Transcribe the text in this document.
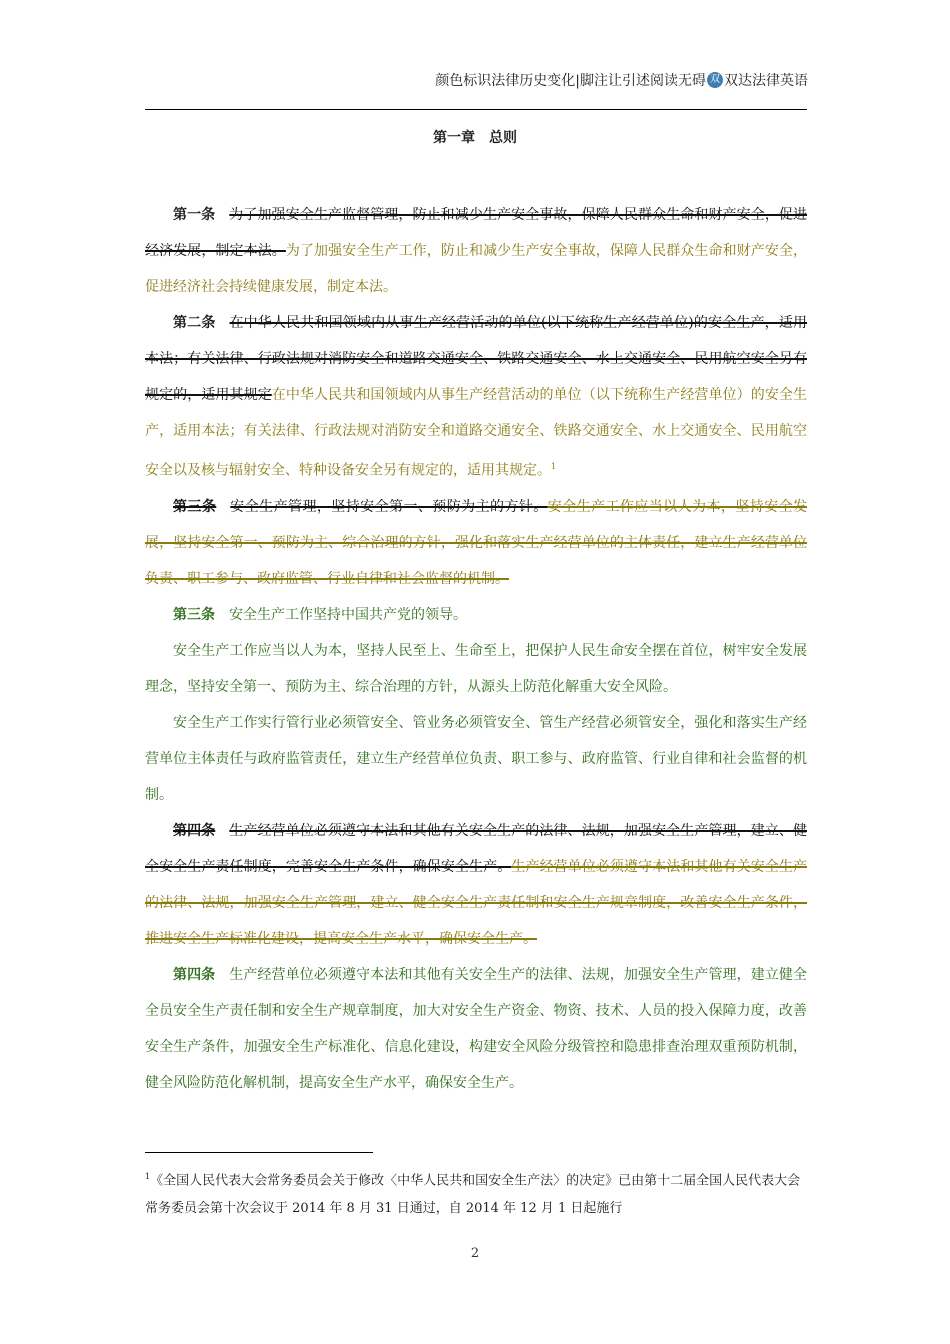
颜色标识法律历史变化|脚注让引述阅读无碍 双 双达法律英语
第一章　总则

第一条 为了加强安全生产监督管理，防止和减少生产安全事故，保障人民群众生命和财产安全，促进经济发展，制定本法。为了加强安全生产工作，防止和减少生产安全事故，保障人民群众生命和财产安全，促进经济社会持续健康发展，制定本法。

第二条 在中华人民共和国领域内从事生产经营活动的单位(以下统称生产经营单位)的安全生产，适用本法；有关法律、行政法规对消防安全和道路交通安全、铁路交通安全、水上交通安全、民用航空安全另有规定的，适用其规定在中华人民共和国领域内从事生产经营活动的单位（以下统称生产经营单位）的安全生产，适用本法；有关法律、行政法规对消防安全和道路交通安全、铁路交通安全、水上交通安全、民用航空安全以及核与辐射安全、特种设备安全另有规定的，适用其规定。$^1$

第三条 安全生产管理，坚持安全第一、预防为主的方针。安全生产工作应当以人为本，坚持安全发展，坚持安全第一、预防为主、综合治理的方针，强化和落实生产经营单位的主体责任，建立生产经营单位负责、职工参与、政府监管、行业自律和社会监督的机制。

第三条 安全生产工作坚持中国共产党的领导。

安全生产工作应当以人为本，坚持人民至上、生命至上，把保护人民生命安全摆在首位，树牢安全发展理念，坚持安全第一、预防为主、综合治理的方针，从源头上防范化解重大安全风险。

安全生产工作实行管行业必须管安全、管业务必须管安全、管生产经营必须管安全，强化和落实生产经营单位主体责任与政府监管责任，建立生产经营单位负责、职工参与、政府监管、行业自律和社会监督的机制。

第四条 生产经营单位必须遵守本法和其他有关安全生产的法律、法规，加强安全生产管理，建立、健全安全生产责任制度，完善安全生产条件，确保安全生产。生产经营单位必须遵守本法和其他有关安全生产的法律、法规，加强安全生产管理，建立、健全安全生产责任制和安全生产规章制度，改善安全生产条件，推进安全生产标准化建设，提高安全生产水平，确保安全生产。

第四条 生产经营单位必须遵守本法和其他有关安全生产的法律、法规，加强安全生产管理，建立健全全员安全生产责任制和安全生产规章制度，加大对安全生产资金、物资、技术、人员的投入保障力度，改善安全生产条件，加强安全生产标准化、信息化建设，构建安全风险分级管控和隐患排查治理双重预防机制，健全风险防范化解机制，提高安全生产水平，确保安全生产。

$^1$《全国人民代表大会常务委员会关于修改〈中华人民共和国安全生产法〉的决定》已由第十二届全国人民代表大会常务委员会第十次会议于 2014 年 8 月 31 日通过，自 2014 年 12 月 1 日起施行
2
